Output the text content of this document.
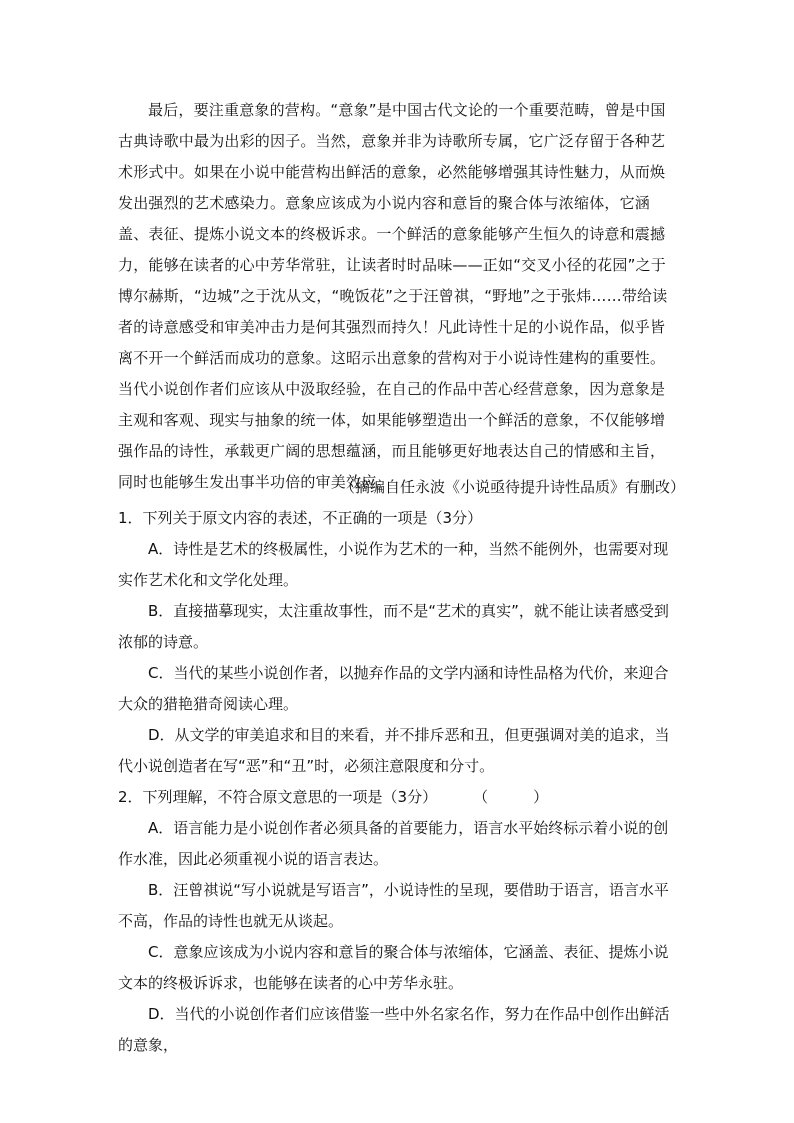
最后，要注重意象的营构。“意象”是中国古代文论的一个重要范畴，曾是中国古典诗歌中最为出彩的因子。当然，意象并非为诗歌所专属，它广泛存留于各种艺术形式中。如果在小说中能营构出鲜活的意象，必然能够增强其诗性魅力，从而焕发出强烈的艺术感染力。意象应该成为小说内容和意旨的聚合体与浓缩体，它涵盖、表征、提炼小说文本的终极诉求。一个鲜活的意象能够产生恒久的诗意和震撼力，能够在读者的心中芳华常驻，让读者时时品味——正如“交叉小径的花园”之于博尔赫斯，“边城”之于沈从文，“晚饭花”之于汪曾祺，“野地”之于张炜……带给读者的诗意感受和审美冲击力是何其强烈而持久！凡此诗性十足的小说作品，似乎皆离不开一个鲜活而成功的意象。这昭示出意象的营构对于小说诗性建构的重要性。当代小说创作者们应该从中汲取经验，在自己的作品中苦心经营意象，因为意象是主观和客观、现实与抽象的统一体，如果能够塑造出一个鲜活的意象，不仅能够增强作品的诗性，承载更广阔的思想蕴涵，而且能够更好地表达自己的情感和主旨，同时也能够生发出事半功倍的审美效应。

（摘编自任永波《小说亟待提升诗性品质》有删改）

1．下列关于原文内容的表述，不正确的一项是（3分）

A．诗性是艺术的终极属性，小说作为艺术的一种，当然不能例外，也需要对现实作艺术化和文学化处理。

B．直接描摹现实，太注重故事性，而不是“艺术的真实”，就不能让读者感受到浓郁的诗意。

C．当代的某些小说创作者，以抛弃作品的文学内涵和诗性品格为代价，来迎合大众的猎艳猎奇阅读心理。

D．从文学的审美追求和目的来看，并不排斥恶和丑，但更强调对美的追求，当代小说创造者在写“恶”和“丑”时，必须注意限度和分寸。

2．下列理解，不符合原文意思的一项是（3分） （　　　）

A．语言能力是小说创作者必须具备的首要能力，语言水平始终标示着小说的创作水准，因此必须重视小说的语言表达。

B．汪曾祺说“写小说就是写语言”，小说诗性的呈现，要借助于语言，语言水平不高，作品的诗性也就无从谈起。

C．意象应该成为小说内容和意旨的聚合体与浓缩体，它涵盖、表征、提炼小说文本的终极诉诉求，也能够在读者的心中芳华永驻。

D．当代的小说创作者们应该借鉴一些中外名家名作，努力在作品中创作出鲜活的意象，
